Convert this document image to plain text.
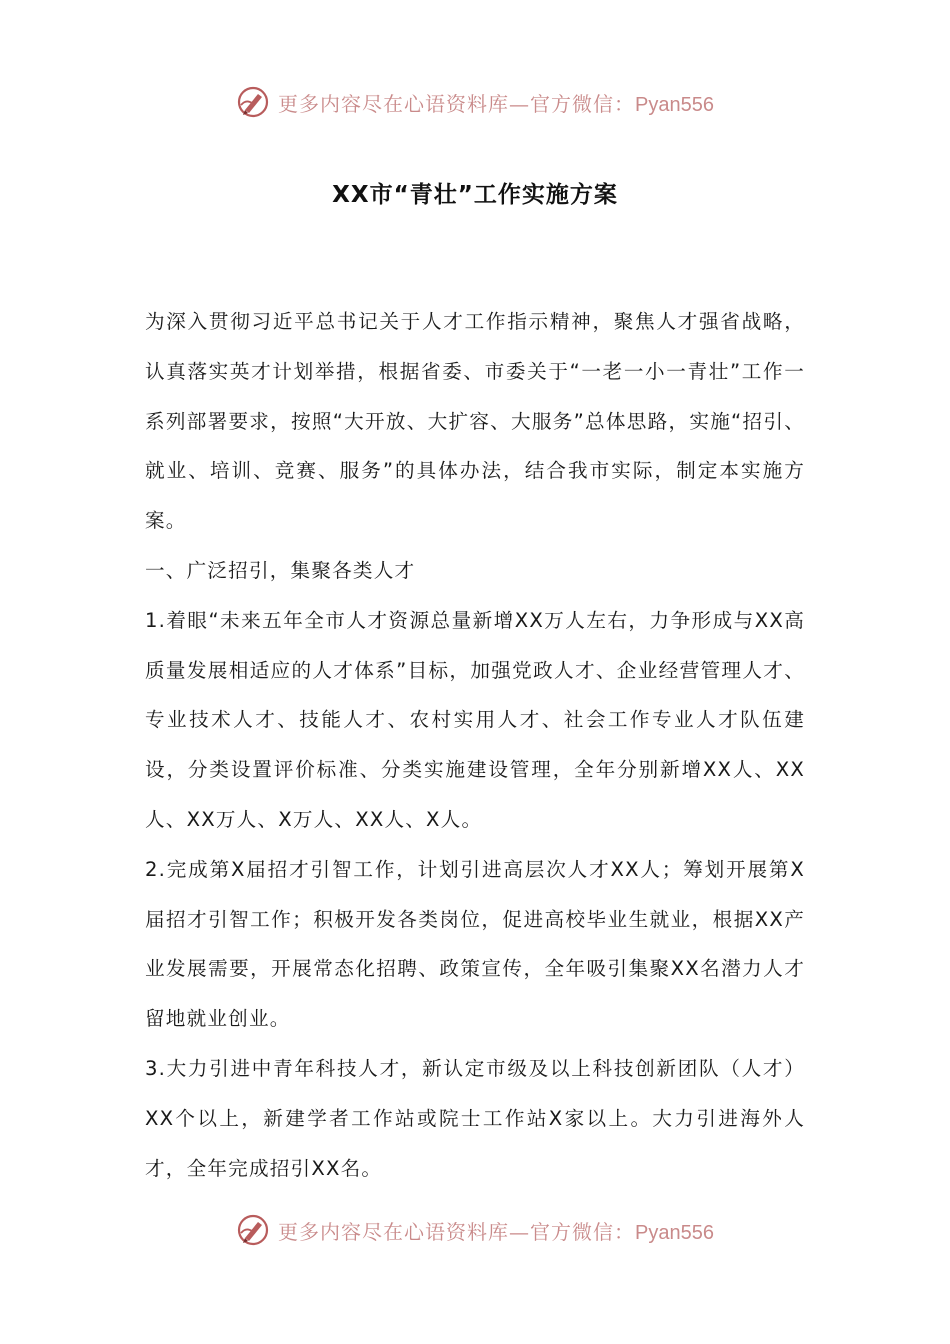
更多内容尽在心语资料库—官方微信：Pyan556
XX市“青壮”工作实施方案

为深入贯彻习近平总书记关于人才工作指示精神，聚焦人才强省战略，认真落实英才计划举措，根据省委、市委关于“一老一小一青壮”工作一系列部署要求，按照“大开放、大扩容、大服务”总体思路，实施“招引、就业、培训、竞赛、服务”的具体办法，结合我市实际，制定本实施方案。

一、广泛招引，集聚各类人才

1.着眼“未来五年全市人才资源总量新增XX万人左右，力争形成与XX高质量发展相适应的人才体系”目标，加强党政人才、企业经营管理人才、专业技术人才、技能人才、农村实用人才、社会工作专业人才队伍建设，分类设置评价标准、分类实施建设管理，全年分别新增XX人、XX人、XX万人、X万人、XX人、X人。

2.完成第X届招才引智工作，计划引进高层次人才XX人；筹划开展第X届招才引智工作；积极开发各类岗位，促进高校毕业生就业，根据XX产业发展需要，开展常态化招聘、政策宣传，全年吸引集聚XX名潜力人才留地就业创业。

3.大力引进中青年科技人才，新认定市级及以上科技创新团队（人才）XX个以上，新建学者工作站或院士工作站X家以上。大力引进海外人才，全年完成招引XX名。

更多内容尽在心语资料库—官方微信：Pyan556
